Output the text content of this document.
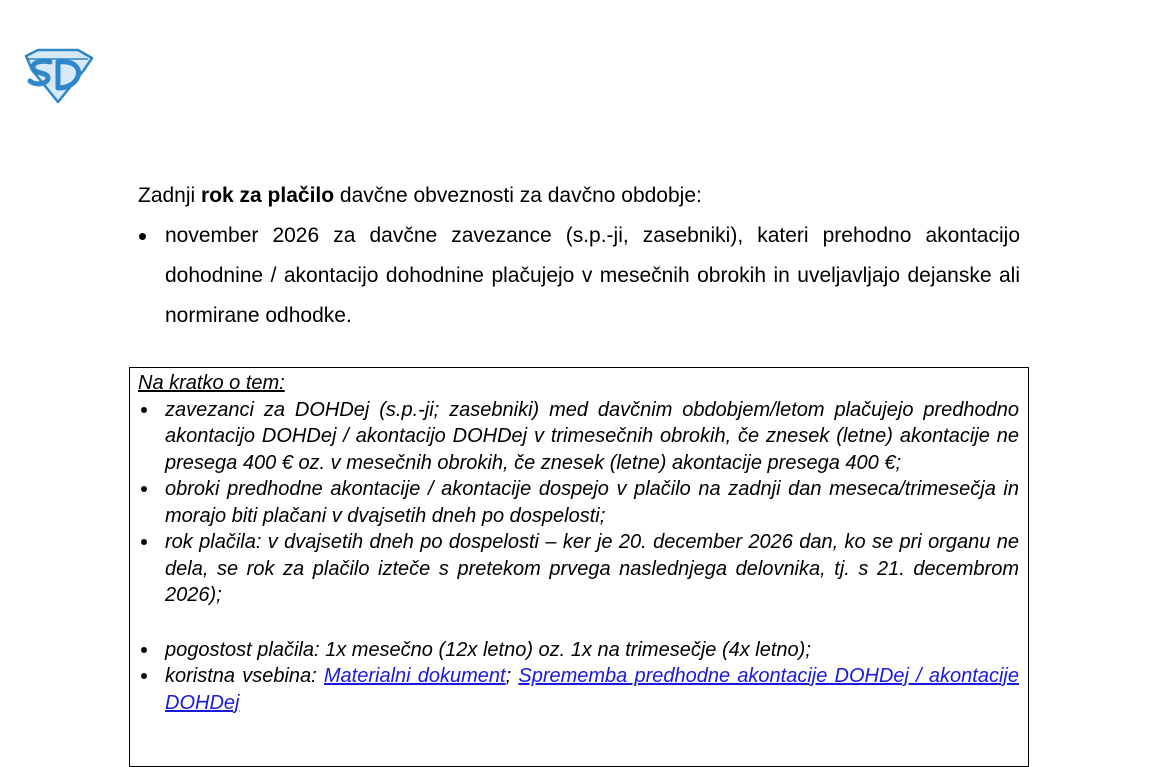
Zadnji rok za plačilo davčne obveznosti za davčno obdobje:

november 2026 za davčne zavezance (s.p.-ji, zasebniki), kateri prehodno akontacijo dohodnine / akontacijo dohodnine plačujejo v mesečnih obrokih in uveljavljajo dejanske ali normirane odhodke.

Na kratko o tem:

zavezanci za DOHDej (s.p.-ji; zasebniki) med davčnim obdobjem/letom plačujejo predhodno akontacijo DOHDej / akontacijo DOHDej v trimesečnih obrokih, če znesek (letne) akontacije ne presega 400 € oz. v mesečnih obrokih, če znesek (letne) akontacije presega 400 €;
obroki predhodne akontacije / akontacije dospejo v plačilo na zadnji dan meseca/trimesečja in morajo biti plačani v dvajsetih dneh po dospelosti;
rok plačila: v dvajsetih dneh po dospelosti – ker je 20. december 2026 dan, ko se pri organu ne dela, se rok za plačilo izteče s pretekom prvega naslednjega delovnika, tj. s 21. decembrom 2026);
pogostost plačila: 1x mesečno (12x letno) oz. 1x na trimesečje (4x letno);
koristna vsebina: Materialni dokument; Sprememba predhodne akontacije DOHDej / akontacije DOHDej
